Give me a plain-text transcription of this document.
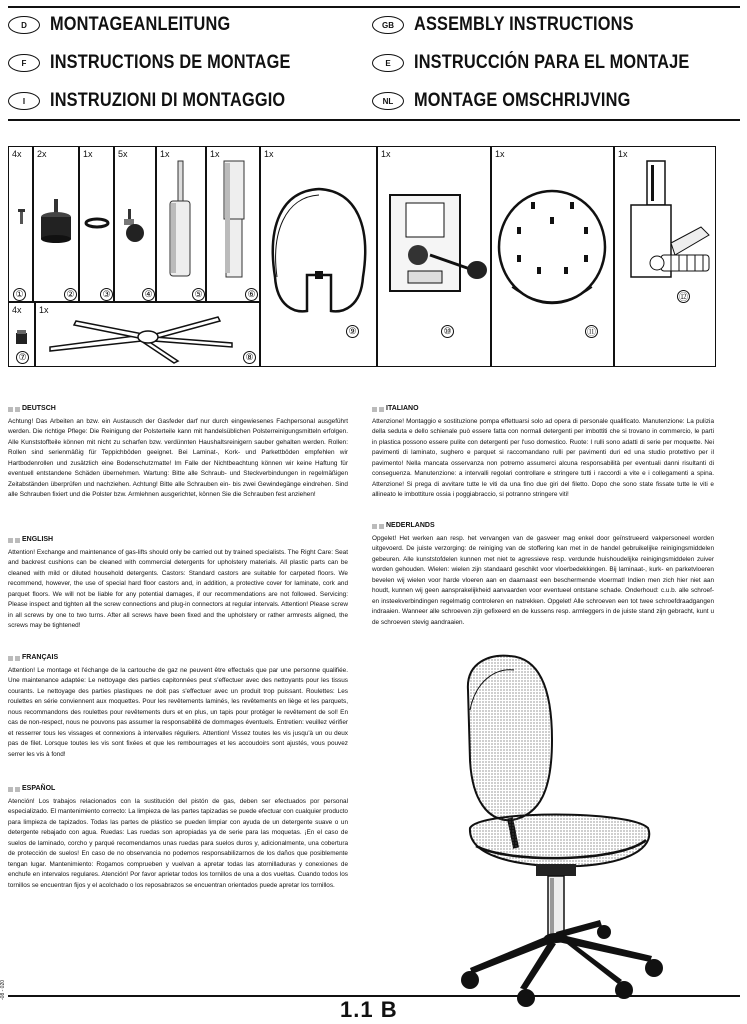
D	MONTAGEANLEITUNG	GB	ASSEMBLY INSTRUCTIONS
F	INSTRUCTIONS DE MONTAGE	E	INSTRUCCIÓN PARA EL MONTAJE
I	INSTRUZIONI DI MONTAGGIO	NL	MONTAGE OMSCHRIJVING
4x
①
2x
②
1x
③
5x
④
1x
⑤
1x
⑥
1x
⑨
1x
⑩
1x
⑪
1x
⑫
4x
⑦
1x
⑧
DEUTSCH

Achtung! Das Arbeiten an bzw. ein Austausch der Gasfeder darf nur durch eingewiesenes Fachpersonal ausgeführt werden. Die richtige Pflege: Die Reinigung der Polsterteile kann mit handelsüblichen Polsterreinigungsmitteln erfolgen. Alle Kunststoffteile können mit nicht zu scharfen bzw. verdünnten Haushaltsreinigern sauber gehalten werden. Rollen: Rollen sind serienmäßig für Teppichböden geeignet. Bei Laminat-, Kork- und Parkettböden empfehlen wir Hartbodenrollen und zusätzlich eine Bodenschutzmatte! Im Falle der Nichtbeachtung können wir keine Haftung für eventuell entstandene Schäden übernehmen. Wartung: Bitte alle Schraub- und Steckverbindungen in regelmäßigen Zeitabständen überprüfen und nachziehen. Achtung! Bitte alle Schrauben ein- bis zwei Gewindegänge eindrehen. Sind alle Schrauben fixiert und die Polster bzw. Armlehnen ausgerichtet, können Sie die Schrauben fest anziehen!

ENGLISH

Attention! Exchange and maintenance of gas-lifts should only be carried out by trained specialists. The Right Care: Seat and backrest cushions can be cleaned with commercial detergents for upholstery materials. All plastic parts can be cleaned with mild or diluted household detergents. Castors: Standard castors are suitable for carpeted floors. We recommend, however, the use of special hard floor castors and, in addition, a protective cover for laminate, cork and parquet floors. We will not be liable for any potential damages, if our recommendations are not followed. Servicing: Please inspect and tighten all the screw connections and plug-in connectors at regular intervals. Attention! Please screw in all screws by one to two turns. After all screws have been fixed and the upholstery or rather armrests aligned, the screws may be tightened!

FRANÇAIS

Attention! Le montage et l'échange de la cartouche de gaz ne peuvent être effectués que par une personne qualifiée. Une maintenance adaptée: Le nettoyage des parties capitonnées peut s'effectuer avec des nettoyants pour les tissus courants. Le nettoyage des parties plastiques ne doit pas s'effectuer avec un produit trop puissant. Roulettes: Les roulettes en série conviennent aux moquettes. Pour les revêtements laminés, les revêtements en liège et les parquets, nous recommandons des roulettes pour revêtements durs et en plus, un tapis pour protéger le revêtement de sol! En cas de non-respect, nous ne pouvons pas assumer la responsabilité de dommages éventuels. Entretien: veuillez vérifier et resserrer tous les vissages et connexions à intervalles réguliers. Attention! Vissez toutes les vis jusqu'à un ou deux pas de filet. Lorsque toutes les vis sont fixées et que les rembourrages et les accoudoirs sont ajustés, vous pouvez serrer les vis à fond!

ESPAÑOL

Atención! Los trabajos relacionados con la sustitución del pistón de gas, deben ser efectuados por personal especializado. El mantenimiento correcto: La limpieza de las partes tapizadas se puede efectuar con cualquier producto para limpieza de tapizados. Todas las partes de plástico se pueden limpiar con ayuda de un detergente suave o un detergente rebajado con agua. Ruedas: Las ruedas son apropiadas ya de serie para las moquetas. ¡En el caso de suelos de laminado, corcho y parqué recomendamos unas ruedas para suelos duros y, adicionalmente, una cobertura de protección de suelos! En caso de no observancia no podemos responsabilizarnos de los daños que posiblemente tengan lugar. Mantenimiento: Rogamos comprueben y vuelvan a apretar todas las atornilladuras y conexiones de enchufe en intervalos regulares. Atención! Por favor aprietar todos los tornillos de una a dos vueltas. Cuando todos los tornillos se encuentran fijos y el acolchado o los reposabrazos se encuentran orientados puede apretar los tornillos.

ITALIANO

Attenzione! Montaggio e sostituzione pompa effettuarsi solo ad opera di personale qualificato. Manutenzione: La pulizia della seduta e dello schienale può essere fatta con normali detergenti per imbottiti che si trovano in commercio, le parti in plastica possono essere pulite con detergenti per l'uso domestico. Ruote: I rulli sono adatti di serie per moquette. Nei pavimenti di laminato, sughero e parquet si raccomandano rulli per pavimenti duri ed una studio protettivo per il pavimento! Nella mancata osservanza non potremo assumerci alcuna responsabilità per eventuali danni risultanti di conseguenza. Manutenzione: a intervalli regolari controllare e stringere tutti i raccordi a vite e i collegamenti a spina. Attenzione! Si prega di avvitare tutte le viti da una fino due giri del filetto. Dopo che sono state fissate tutte le viti e allineato le imbottiture ossia i poggiabraccio, si potranno stringere viti!

NEDERLANDS

Opgelet! Het werken aan resp. het vervangen van de gasveer mag enkel door geïnstrueerd vakpersoneel worden uitgevoerd. De juiste verzorging: de reiniging van de stoffering kan met in de handel gebruikelijke reinigingsmiddelen gebeuren. Alle kunststofdelen kunnen met niet te agressieve resp. verdunde huishoudelijke reinigingsmiddelen zuiver worden gehouden. Wielen: wielen zijn standaard geschikt voor vloerbedekkingen. Bij laminaat-, kurk- en parketvloeren bevelen wij wielen voor harde vloeren aan en daarnaast een beschermende vloermat! Indien men zich hier niet aan houdt, kunnen wij geen aansprakelijkheid aanvaarden voor eventueel ontstane schade. Onderhoud: c.u.b. alle schroef- en insteekverbindingen regelmatig controleren en natrekken. Opgelet! Alle schroeven een tot twee schroefdraadgangen indraaien. Wanneer alle schroeven zijn gefixeerd en de kussens resp. armleggers in de juiste stand zijn gebracht, kunt u de schroeven stevig aandraaien.

1.1 B
-08 - 020
